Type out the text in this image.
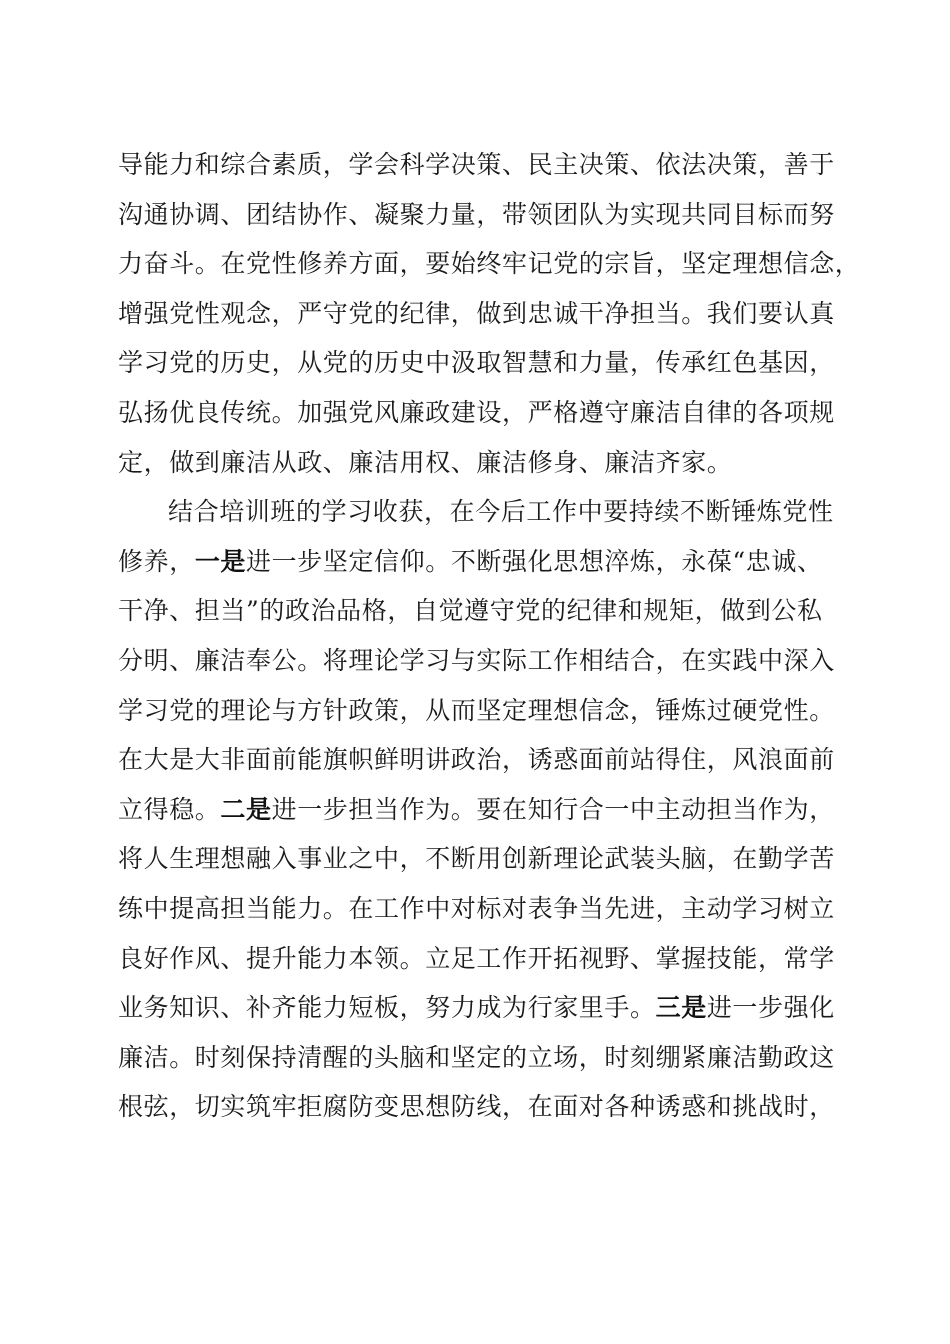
导能力和综合素质，学会科学决策、民主决策、依法决策，善于
沟通协调、团结协作、凝聚力量，带领团队为实现共同目标而努
力奋斗。在党性修养方面，要始终牢记党的宗旨，坚定理想信念，
增强党性观念，严守党的纪律，做到忠诚干净担当。我们要认真
学习党的历史，从党的历史中汲取智慧和力量，传承红色基因，
弘扬优良传统。加强党风廉政建设，严格遵守廉洁自律的各项规
定，做到廉洁从政、廉洁用权、廉洁修身、廉洁齐家。
结合培训班的学习收获，在今后工作中要持续不断锤炼党性
修养，一是进一步坚定信仰。不断强化思想淬炼，永葆“忠诚、
干净、担当”的政治品格，自觉遵守党的纪律和规矩，做到公私
分明、廉洁奉公。将理论学习与实际工作相结合，在实践中深入
学习党的理论与方针政策，从而坚定理想信念，锤炼过硬党性。
在大是大非面前能旗帜鲜明讲政治，诱惑面前站得住，风浪面前
立得稳。二是进一步担当作为。要在知行合一中主动担当作为，
将人生理想融入事业之中，不断用创新理论武装头脑，在勤学苦
练中提高担当能力。在工作中对标对表争当先进，主动学习树立
良好作风、提升能力本领。立足工作开拓视野、掌握技能，常学
业务知识、补齐能力短板，努力成为行家里手。三是进一步强化
廉洁。时刻保持清醒的头脑和坚定的立场，时刻绷紧廉洁勤政这
根弦，切实筑牢拒腐防变思想防线，在面对各种诱惑和挑战时，
